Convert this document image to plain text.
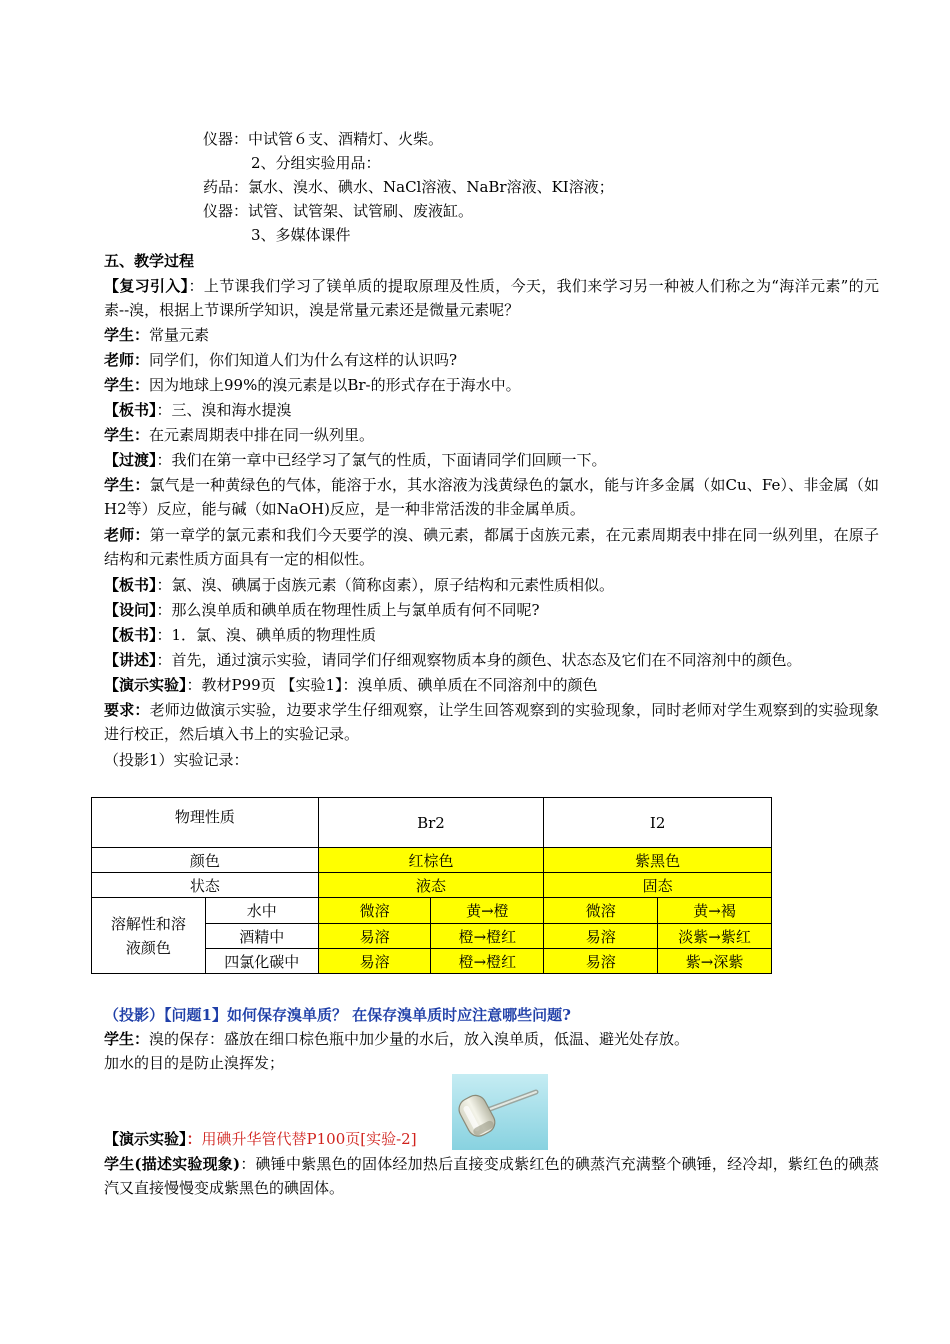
仪器：中试管６支、酒精灯、火柴。
2、分组实验用品：
药品：氯水、溴水、碘水、NaCl溶液、NaBr溶液、KI溶液；
仪器：试管、试管架、试管刷、废液缸。
3、多媒体课件
五、教学过程
【复习引入】：上节课我们学习了镁单质的提取原理及性质，今天，我们来学习另一种被人们称之为“海洋元素”的元素--溴，根据上节课所学知识，溴是常量元素还是微量元素呢？
学生：常量元素
老师：同学们，你们知道人们为什么有这样的认识吗?
学生：因为地球上99%的溴元素是以Br-的形式存在于海水中。
【板书】：三、溴和海水提溴
学生：在元素周期表中排在同一纵列里。
【过渡】：我们在第一章中已经学习了氯气的性质，下面请同学们回顾一下。
学生：氯气是一种黄绿色的气体，能溶于水，其水溶液为浅黄绿色的氯水，能与许多金属（如Cu、Fe）、非金属（如H2等）反应，能与碱（如NaOH)反应，是一种非常活泼的非金属单质。
老师：第一章学的氯元素和我们今天要学的溴、碘元素，都属于卤族元素，在元素周期表中排在同一纵列里，在原子结构和元素性质方面具有一定的相似性。
【板书】：氯、溴、碘属于卤族元素（简称卤素），原子结构和元素性质相似。
【设问】：那么溴单质和碘单质在物理性质上与氯单质有何不同呢?
【板书】：1．氯、溴、碘单质的物理性质
【讲述】：首先，通过演示实验，请同学们仔细观察物质本身的颜色、状态态及它们在不同溶剂中的颜色。
【演示实验】：教材P99页 【实验1】：溴单质、碘单质在不同溶剂中的颜色
要求：老师边做演示实验，边要求学生仔细观察，让学生回答观察到的实验现象，同时老师对学生观察到的实验现象进行校正，然后填入书上的实验记录。
（投影1）实验记录：
物理性质		Br2		I2	
颜色		红棕色		紫黑色	
状态		液态		固态	
溶解性和溶液颜色	水中	微溶	黄→橙	微溶	黄→褐
	酒精中	易溶	橙→橙红	易溶	淡紫→紫红
	四氯化碳中	易溶	橙→橙红	易溶	紫→深紫
（投影）【问题1】如何保存溴单质？ 在保存溴单质时应注意哪些问题?
学生：溴的保存：盛放在细口棕色瓶中加少量的水后，放入溴单质，低温、避光处存放。
加水的目的是防止溴挥发；
【演示实验】：用碘升华管代替P100页[实验-2]
学生(描述实验现象)：碘锤中紫黑色的固体经加热后直接变成紫红色的碘蒸汽充满整个碘锤，经冷却，紫红色的碘蒸汽又直接慢慢变成紫黑色的碘固体。
